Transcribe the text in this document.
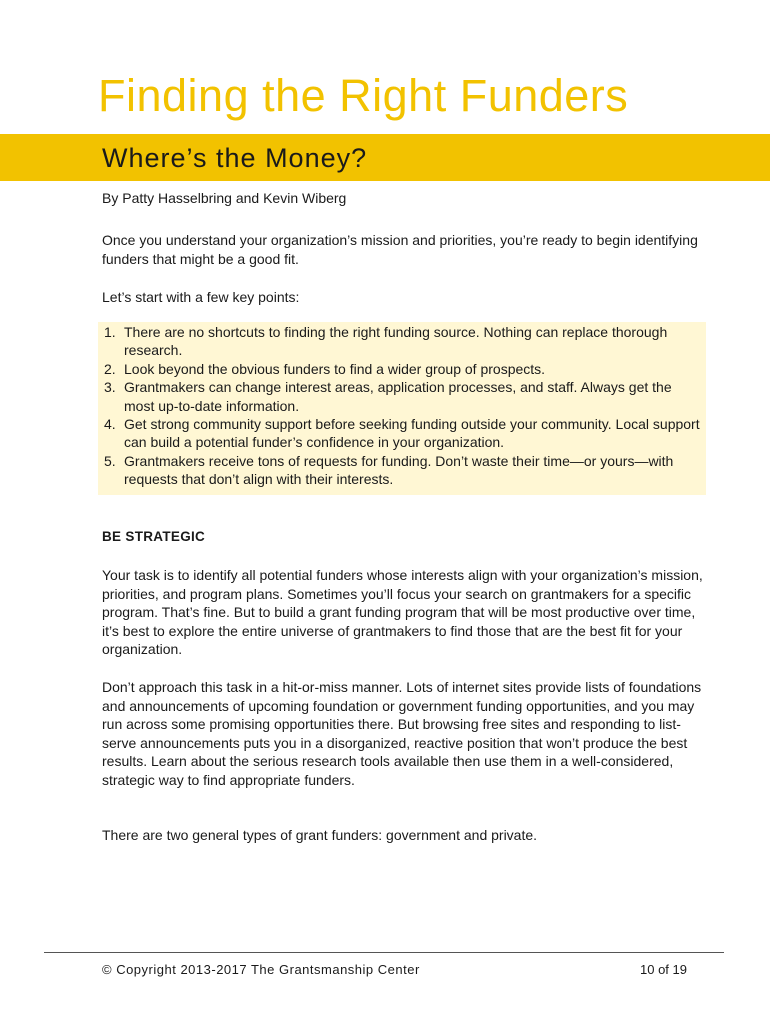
Finding the Right Funders
Where’s the Money?

By Patty Hasselbring and Kevin Wiberg

Once you understand your organization’s mission and priorities, you’re ready to begin identifying funders that might be a good fit.

Let’s start with a few key points:

1. There are no shortcuts to finding the right funding source. Nothing can replace thorough research.
2. Look beyond the obvious funders to find a wider group of prospects.
3. Grantmakers can change interest areas, application processes, and staff. Always get the most up-to-date information.
4. Get strong community support before seeking funding outside your community. Local support can build a potential funder’s confidence in your organization.
5. Grantmakers receive tons of requests for funding. Don’t waste their time—or yours—with requests that don’t align with their interests.
BE STRATEGIC

Your task is to identify all potential funders whose interests align with your organization’s mission, priorities, and program plans. Sometimes you’ll focus your search on grantmakers for a specific program. That’s fine. But to build a grant funding program that will be most productive over time, it’s best to explore the entire universe of grantmakers to find those that are the best fit for your organization.

Don’t approach this task in a hit-or-miss manner. Lots of internet sites provide lists of foundations and announcements of upcoming foundation or government funding opportunities, and you may run across some promising opportunities there. But browsing free sites and responding to list-serve announcements puts you in a disorganized, reactive position that won’t produce the best results. Learn about the serious research tools available then use them in a well-considered, strategic way to find appropriate funders.

There are two general types of grant funders: government and private.

© Copyright 2013-2017 The Grantsmanship Center	10 of 19
